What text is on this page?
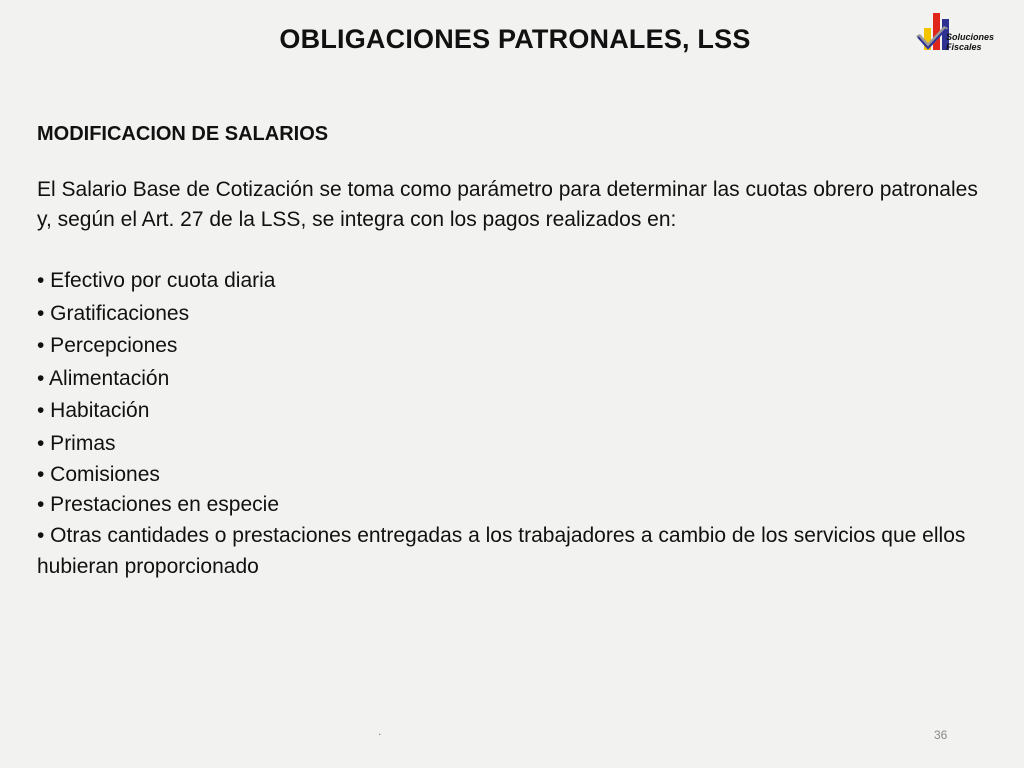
OBLIGACIONES PATRONALES, LSS	Soluciones
Fiscales
MODIFICACION DE SALARIOS

El Salario Base de Cotización se toma como parámetro para determinar las cuotas obrero patronales y, según el Art. 27 de la LSS, se integra con los pagos realizados en:

• Efectivo por cuota diaria
• Gratificaciones
• Percepciones
• Alimentación
• Habitación
• Primas
• Comisiones
• Prestaciones en especie
• Otras cantidades o prestaciones entregadas a los trabajadores a cambio de los servicios que ellos hubieran proporcionado
.	36
